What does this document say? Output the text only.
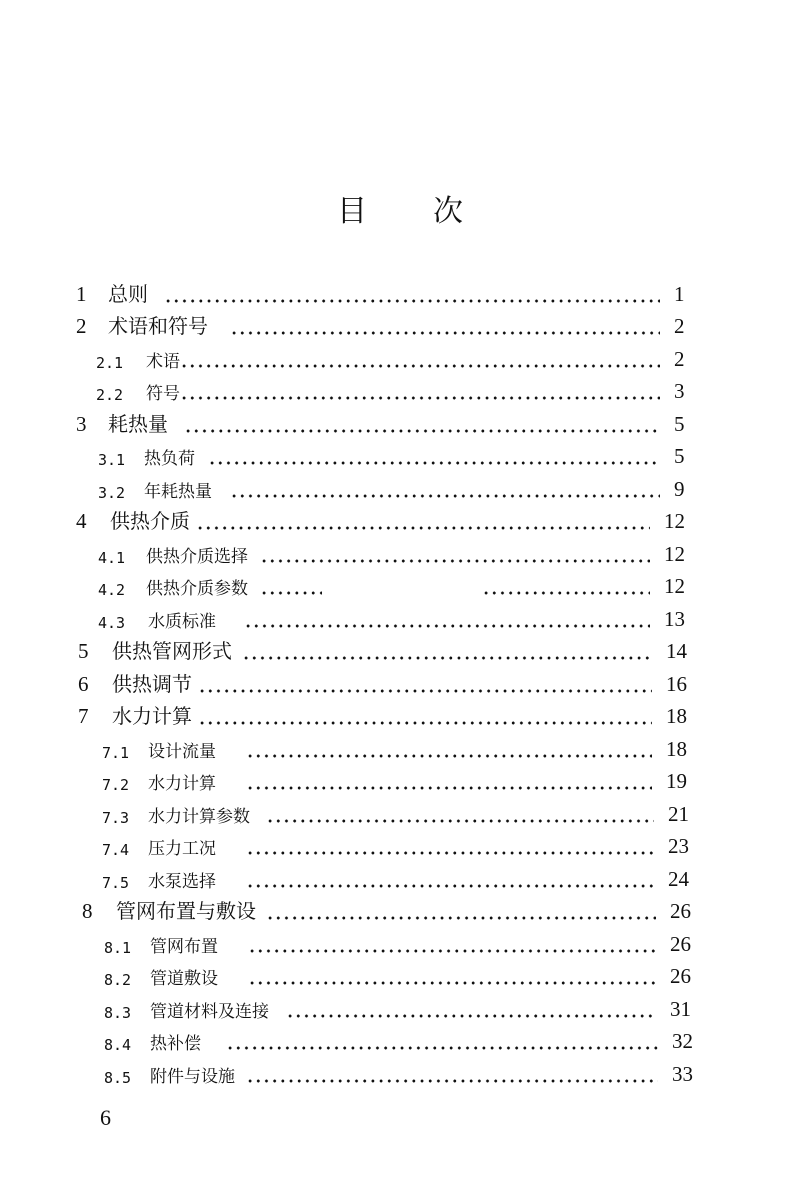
目 次
1 总则	1
2 术语和符号	2
2.1 术语	2
2.2 符号	3
3 耗热量	5
3.1 热负荷	5
3.2 年耗热量	9
4 供热介质	12
4.1 供热介质选择	12
4.2 供热介质参数	12
4.3 水质标准	13
5 供热管网形式	14
6 供热调节	16
7 水力计算	18
7.1 设计流量	18
7.2 水力计算	19
7.3 水力计算参数	21
7.4 压力工况	23
7.5 水泵选择	24
8 管网布置与敷设	26
8.1 管网布置	26
8.2 管道敷设	26
8.3 管道材料及连接	31
8.4 热补偿	32
8.5 附件与设施	33
6
